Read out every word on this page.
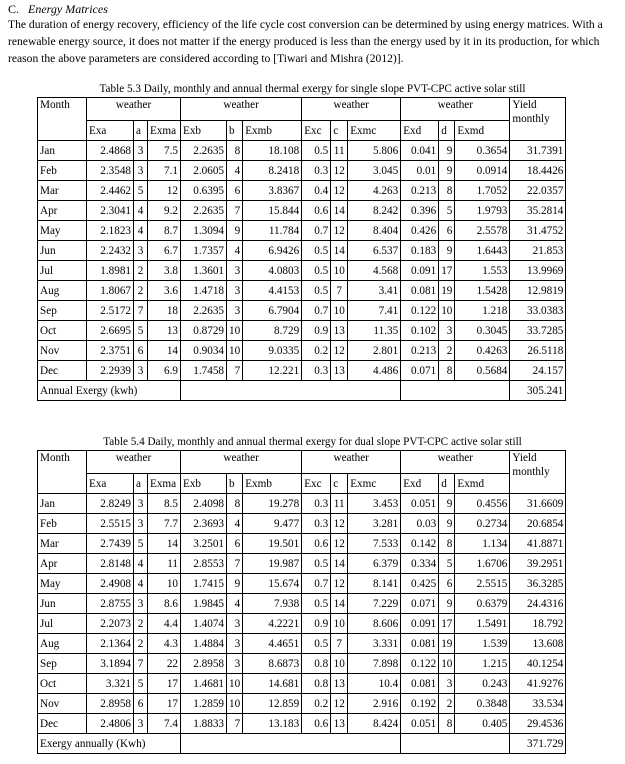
C. Energy Matrices
The duration of energy recovery, efficiency of the life cycle cost conversion can be determined by using energy matrices. With a
renewable energy source, it does not matter if the energy produced is less than the energy used by it in its production, for which
reason the above parameters are considered according to [Tiwari and Mishra (2012)].
Table 5.3 Daily, monthly and annual thermal exergy for single slope PVT-CPC active solar still
Month	weather			weather			weather			weather			Yield monthly
	Exa	a	Exma	Exb	b	Exmb	Exc	c	Exmc	Exd	d	Exmd	
Jan	2.4868	3	7.5	2.2635	8	18.108	0.5	11	5.806	0.041	9	0.3654	31.7391
Feb	2.3548	3	7.1	2.0605	4	8.2418	0.3	12	3.045	0.01	9	0.0914	18.4426
Mar	2.4462	5	12	0.6395	6	3.8367	0.4	12	4.263	0.213	8	1.7052	22.0357
Apr	2.3041	4	9.2	2.2635	7	15.844	0.6	14	8.242	0.396	5	1.9793	35.2814
May	2.1823	4	8.7	1.3094	9	11.784	0.7	12	8.404	0.426	6	2.5578	31.4752
Jun	2.2432	3	6.7	1.7357	4	6.9426	0.5	14	6.537	0.183	9	1.6443	21.853
Jul	1.8981	2	3.8	1.3601	3	4.0803	0.5	10	4.568	0.091	17	1.553	13.9969
Aug	1.8067	2	3.6	1.4718	3	4.4153	0.5	7	3.41	0.081	19	1.5428	12.9819
Sep	2.5172	7	18	2.2635	3	6.7904	0.7	10	7.41	0.122	10	1.218	33.0383
Oct	2.6695	5	13	0.8729	10	8.729	0.9	13	11.35	0.102	3	0.3045	33.7285
Nov	2.3751	6	14	0.9034	10	9.0335	0.2	12	2.801	0.213	2	0.4263	26.5118
Dec	2.2939	3	6.9	1.7458	7	12.221	0.3	13	4.486	0.071	8	0.5684	24.157
Annual Exergy (kwh)													305.241
Table 5.4 Daily, monthly and annual thermal exergy for dual slope PVT-CPC active solar still
Month	weather			weather			weather			weather			Yield monthly
	Exa	a	Exma	Exb	b	Exmb	Exc	c	Exmc	Exd	d	Exmd	
Jan	2.8249	3	8.5	2.4098	8	19.278	0.3	11	3.453	0.051	9	0.4556	31.6609
Feb	2.5515	3	7.7	2.3693	4	9.477	0.3	12	3.281	0.03	9	0.2734	20.6854
Mar	2.7439	5	14	3.2501	6	19.501	0.6	12	7.533	0.142	8	1.134	41.8871
Apr	2.8148	4	11	2.8553	7	19.987	0.5	14	6.379	0.334	5	1.6706	39.2951
May	2.4908	4	10	1.7415	9	15.674	0.7	12	8.141	0.425	6	2.5515	36.3285
Jun	2.8755	3	8.6	1.9845	4	7.938	0.5	14	7.229	0.071	9	0.6379	24.4316
Jul	2.2073	2	4.4	1.4074	3	4.2221	0.9	10	8.606	0.091	17	1.5491	18.792
Aug	2.1364	2	4.3	1.4884	3	4.4651	0.5	7	3.331	0.081	19	1.539	13.608
Sep	3.1894	7	22	2.8958	3	8.6873	0.8	10	7.898	0.122	10	1.215	40.1254
Oct	3.321	5	17	1.4681	10	14.681	0.8	13	10.4	0.081	3	0.243	41.9276
Nov	2.8958	6	17	1.2859	10	12.859	0.2	12	2.916	0.192	2	0.3848	33.534
Dec	2.4806	3	7.4	1.8833	7	13.183	0.6	13	8.424	0.051	8	0.405	29.4536
Exergy annually (Kwh)													371.729
